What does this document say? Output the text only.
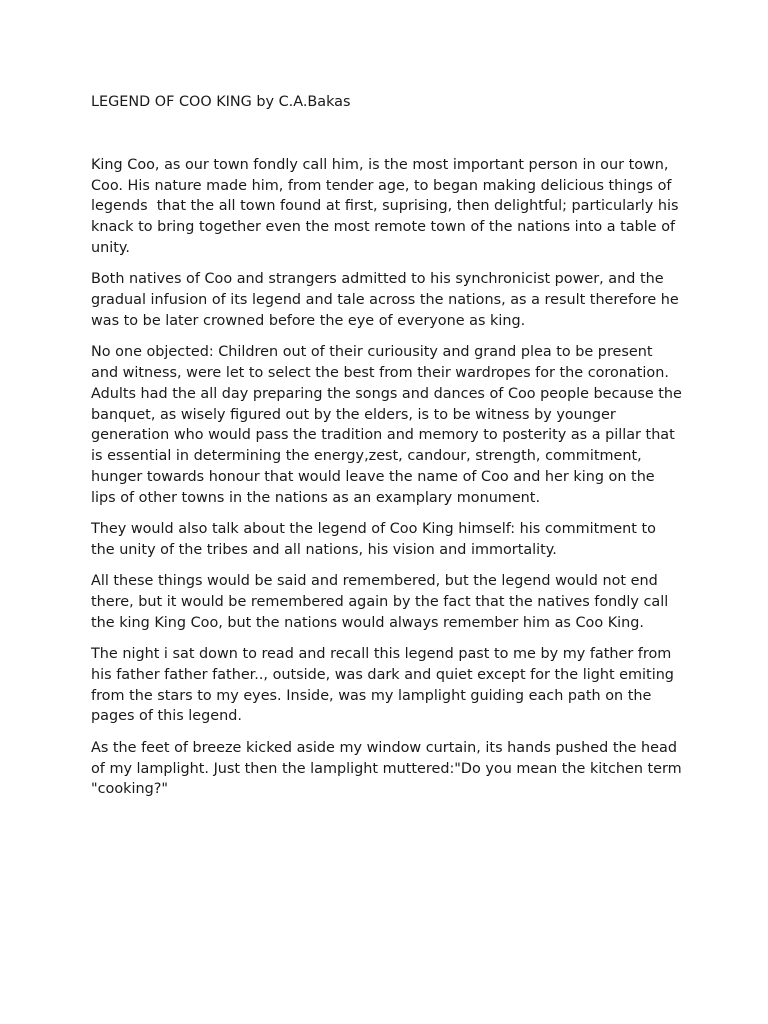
LEGEND OF COO KING by C.A.Bakas

King Coo, as our town fondly call him, is the most important person in our town, Coo. His nature made him, from tender age, to began making delicious things of legends  that the all town found at first, suprising, then delightful; particularly his knack to bring together even the most remote town of the nations into a table of unity.

Both natives of Coo and strangers admitted to his synchronicist power, and the gradual infusion of its legend and tale across the nations, as a result therefore he was to be later crowned before the eye of everyone as king.

No one objected: Children out of their curiousity and grand plea to be present and witness, were let to select the best from their wardropes for the coronation. Adults had the all day preparing the songs and dances of Coo people because the banquet, as wisely figured out by the elders, is to be witness by younger generation who would pass the tradition and memory to posterity as a pillar that is essential in determining the energy,zest, candour, strength, commitment, hunger towards honour that would leave the name of Coo and her king on the lips of other towns in the nations as an examplary monument.

They would also talk about the legend of Coo King himself: his commitment to the unity of the tribes and all nations, his vision and immortality.

All these things would be said and remembered, but the legend would not end there, but it would be remembered again by the fact that the natives fondly call the king King Coo, but the nations would always remember him as Coo King.

The night i sat down to read and recall this legend past to me by my father from his father father father.., outside, was dark and quiet except for the light emiting from the stars to my eyes. Inside, was my lamplight guiding each path on the pages of this legend.

As the feet of breeze kicked aside my window curtain, its hands pushed the head of my lamplight. Just then the lamplight muttered:"Do you mean the kitchen term "cooking?"
